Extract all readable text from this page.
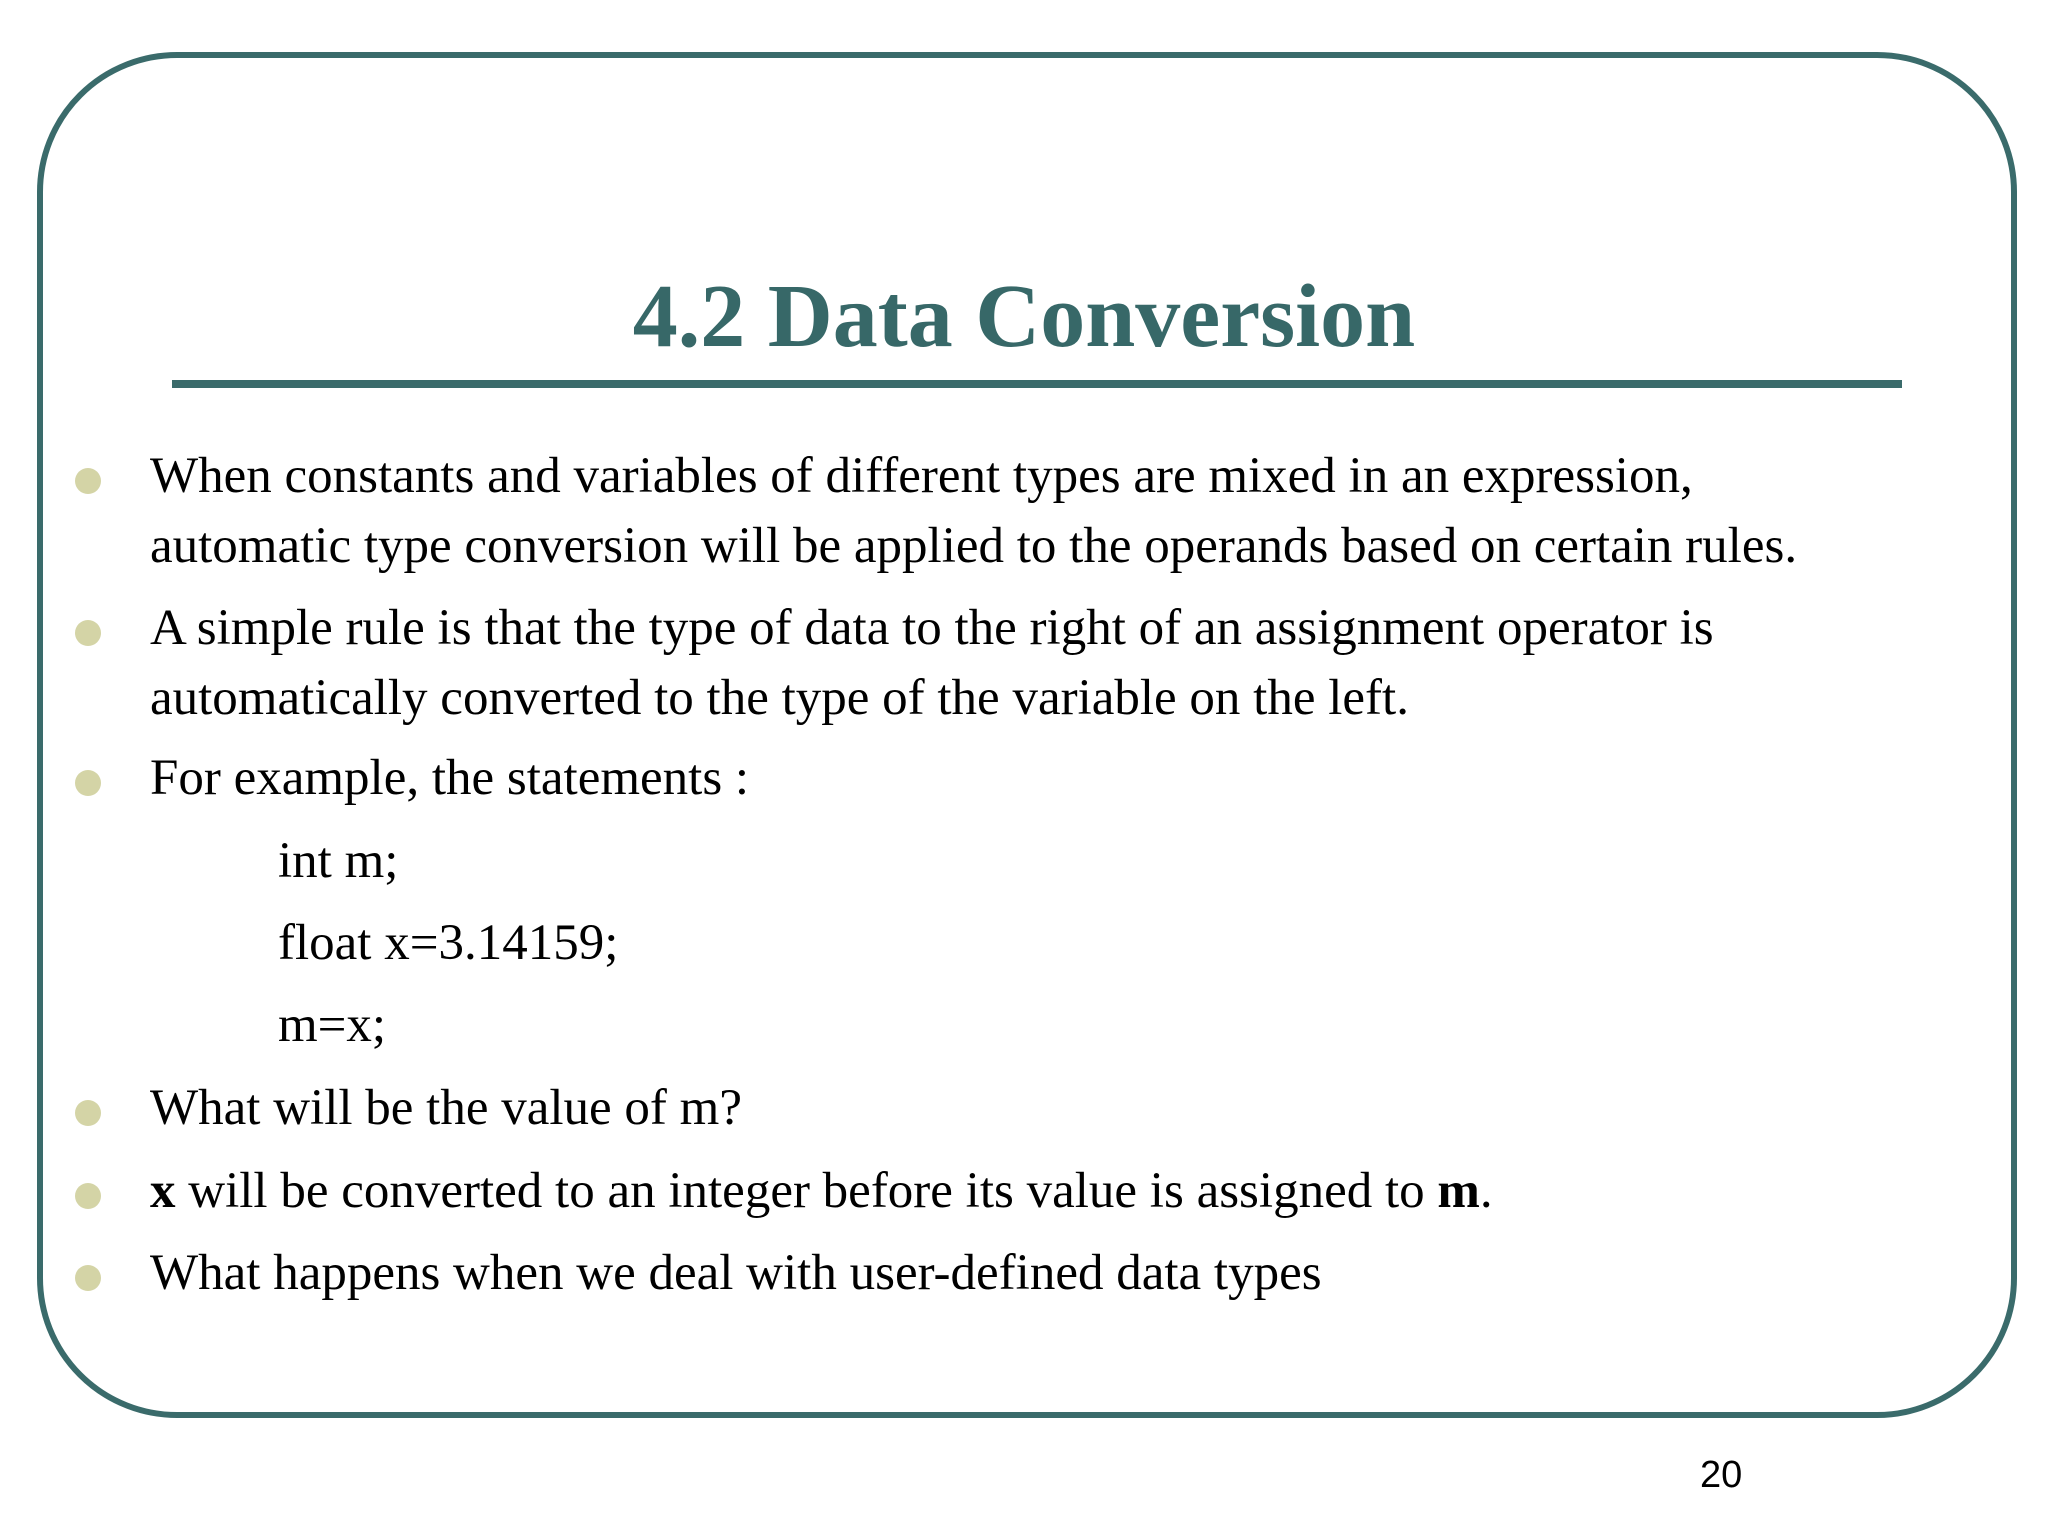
4.2 Data Conversion
When constants and variables of different types are mixed in an expression,
automatic type conversion will be applied to the operands based on certain rules.
A simple rule is that the type of data to the right of an assignment operator is
automatically converted to the type of the variable on the left.
For example, the statements :
int m;
float x=3.14159;
m=x;
What will be the value of m?
x will be converted to an integer before its value is assigned to m.
What happens when we deal with user-defined data types
20
